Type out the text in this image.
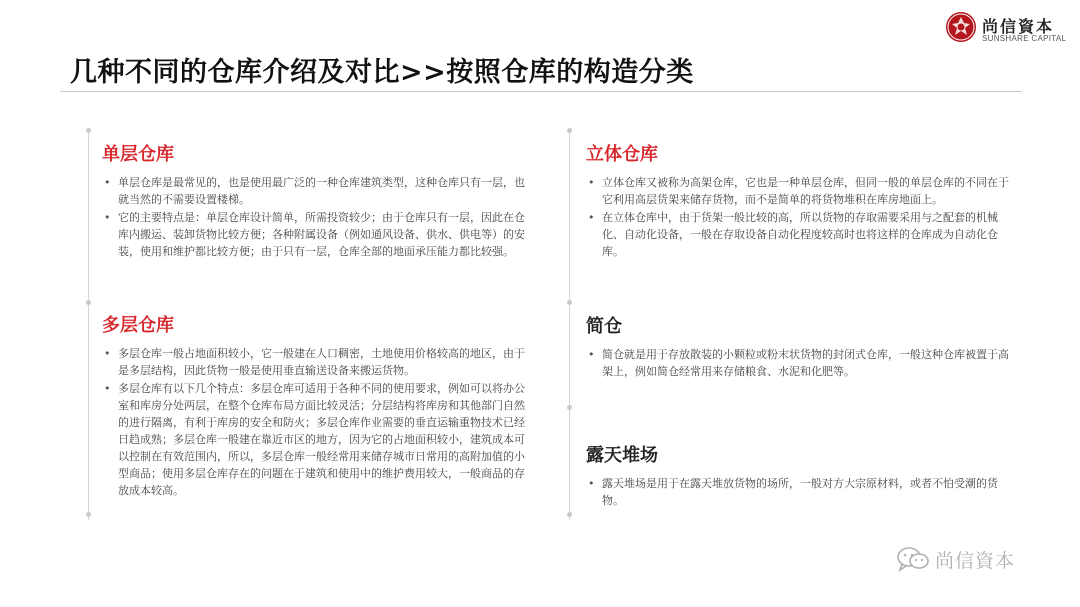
尚信資本
SUNSHARE CAPITAL
几种不同的仓库介绍及对比>>按照仓库的构造分类
单层仓库
• 单层仓库是最常见的，也是使用最广泛的一种仓库建筑类型，这种仓库只有一层，也就当然的不需要设置楼梯。
• 它的主要特点是：单层仓库设计简单，所需投资较少；由于仓库只有一层，因此在仓库内搬运、装卸货物比较方便；各种附属设备（例如通风设备、供水、供电等）的安装，使用和维护都比较方便；由于只有一层，仓库全部的地面承压能力都比较强。
多层仓库
• 多层仓库一般占地面积较小，它一般建在人口稠密，土地使用价格较高的地区，由于是多层结构，因此货物一般是使用垂直输送设备来搬运货物。
• 多层仓库有以下几个特点：多层仓库可适用于各种不同的使用要求，例如可以将办公室和库房分处两层，在整个仓库布局方面比较灵活；分层结构将库房和其他部门自然的进行隔离，有利于库房的安全和防火；多层仓库作业需要的垂直运输重物技术已经日趋成熟；多层仓库一般建在靠近市区的地方，因为它的占地面积较小，建筑成本可以控制在有效范围内，所以，多层仓库一般经常用来储存城市日常用的高附加值的小型商品；使用多层仓库存在的问题在于建筑和使用中的维护费用较大，一般商品的存放成本较高。
立体仓库
• 立体仓库又被称为高架仓库，它也是一种单层仓库，但同一般的单层仓库的不同在于它利用高层货架来储存货物，而不是简单的将货物堆积在库房地面上。
• 在立体仓库中，由于货架一般比较的高，所以货物的存取需要采用与之配套的机械化、自动化设备，一般在存取设备自动化程度较高时也将这样的仓库成为自动化仓库。
简仓
• 简仓就是用于存放散装的小颗粒或粉末状货物的封闭式仓库，一般这种仓库被置于高架上，例如简仓经常用来存储粮食、水泥和化肥等。
露天堆场
• 露天堆场是用于在露天堆放货物的场所，一般对方大宗原材料，或者不怕受潮的货物。
尚信資本
